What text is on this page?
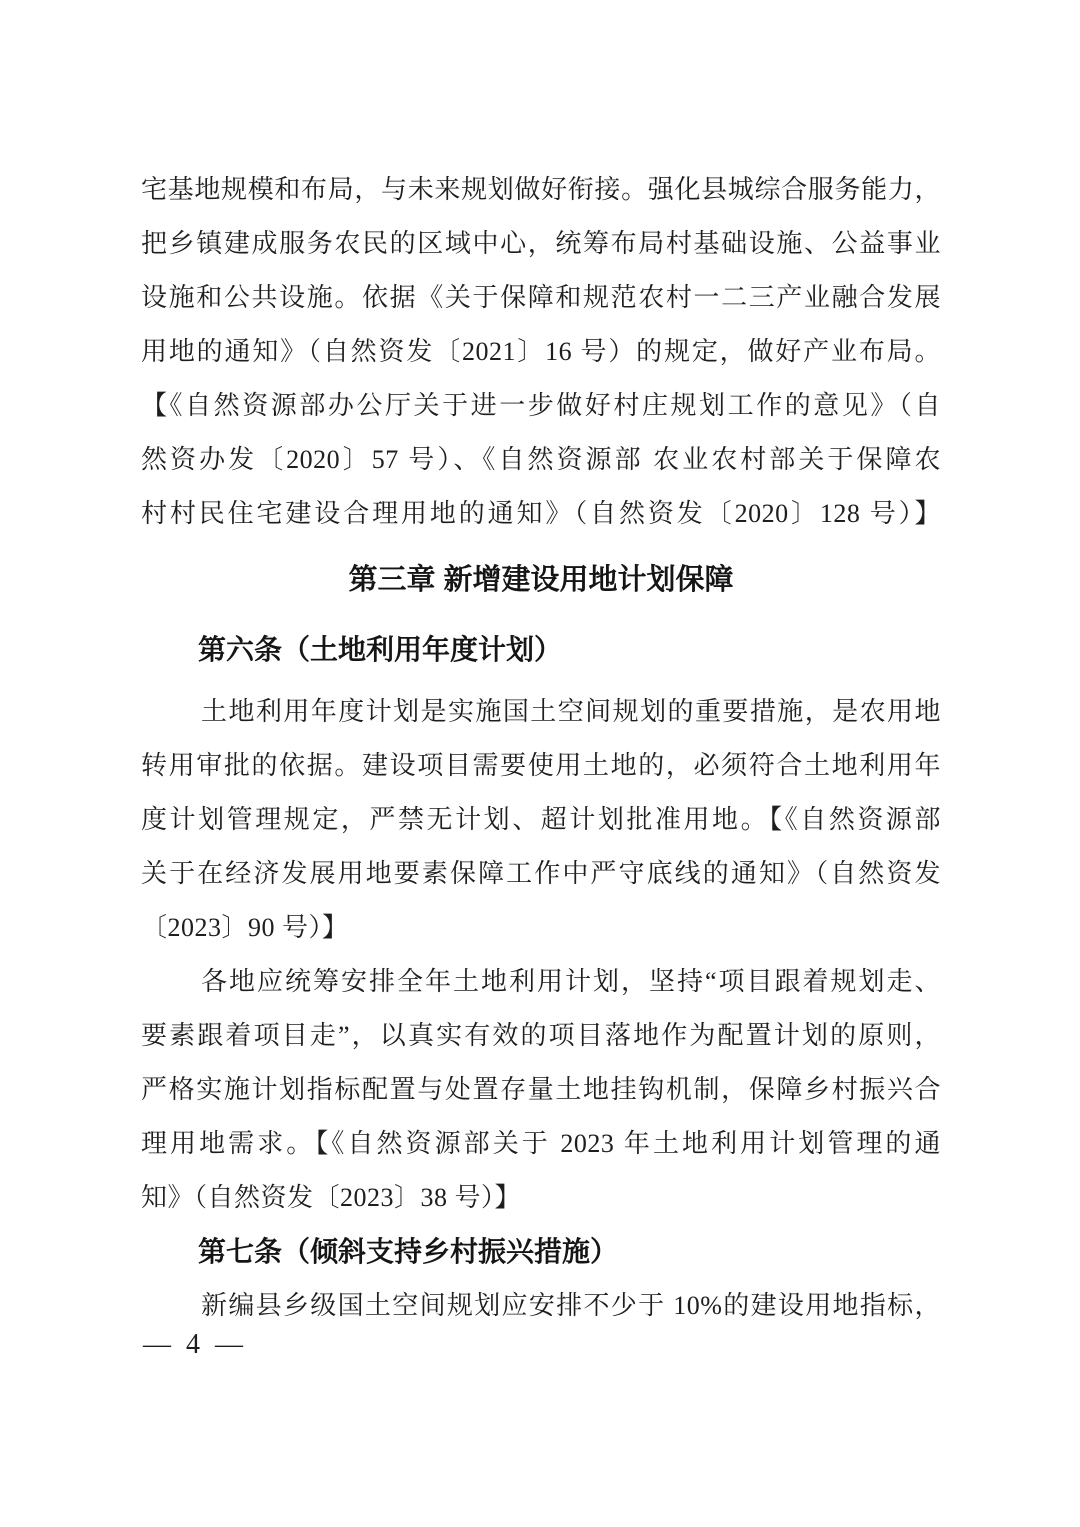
宅基地规模和布局，与未来规划做好衔接。强化县城综合服务能力，
把乡镇建成服务农民的区域中心，统筹布局村基础设施、公益事业
设施和公共设施。依据《关于保障和规范农村一二三产业融合发展
用地的通知》（自然资发〔2021〕16 号）的规定，做好产业布局。
【《自然资源部办公厅关于进一步做好村庄规划工作的意见》（自
然资办发〔2020〕57 号）、《自然资源部 农业农村部关于保障农
村村民住宅建设合理用地的通知》（自然资发〔2020〕128 号）】
第三章 新增建设用地计划保障
第六条（土地利用年度计划）
土地利用年度计划是实施国土空间规划的重要措施，是农用地
转用审批的依据。建设项目需要使用土地的，必须符合土地利用年
度计划管理规定，严禁无计划、超计划批准用地。【《自然资源部
关于在经济发展用地要素保障工作中严守底线的通知》（自然资发
〔2023〕90 号）】
各地应统筹安排全年土地利用计划，坚持“项目跟着规划走、
要素跟着项目走”，以真实有效的项目落地作为配置计划的原则，
严格实施计划指标配置与处置存量土地挂钩机制，保障乡村振兴合
理用地需求。【《自然资源部关于 2023 年土地利用计划管理的通
知》（自然资发〔2023〕38 号）】
第七条（倾斜支持乡村振兴措施）
新编县乡级国土空间规划应安排不少于 10%的建设用地指标，
— 4 —
